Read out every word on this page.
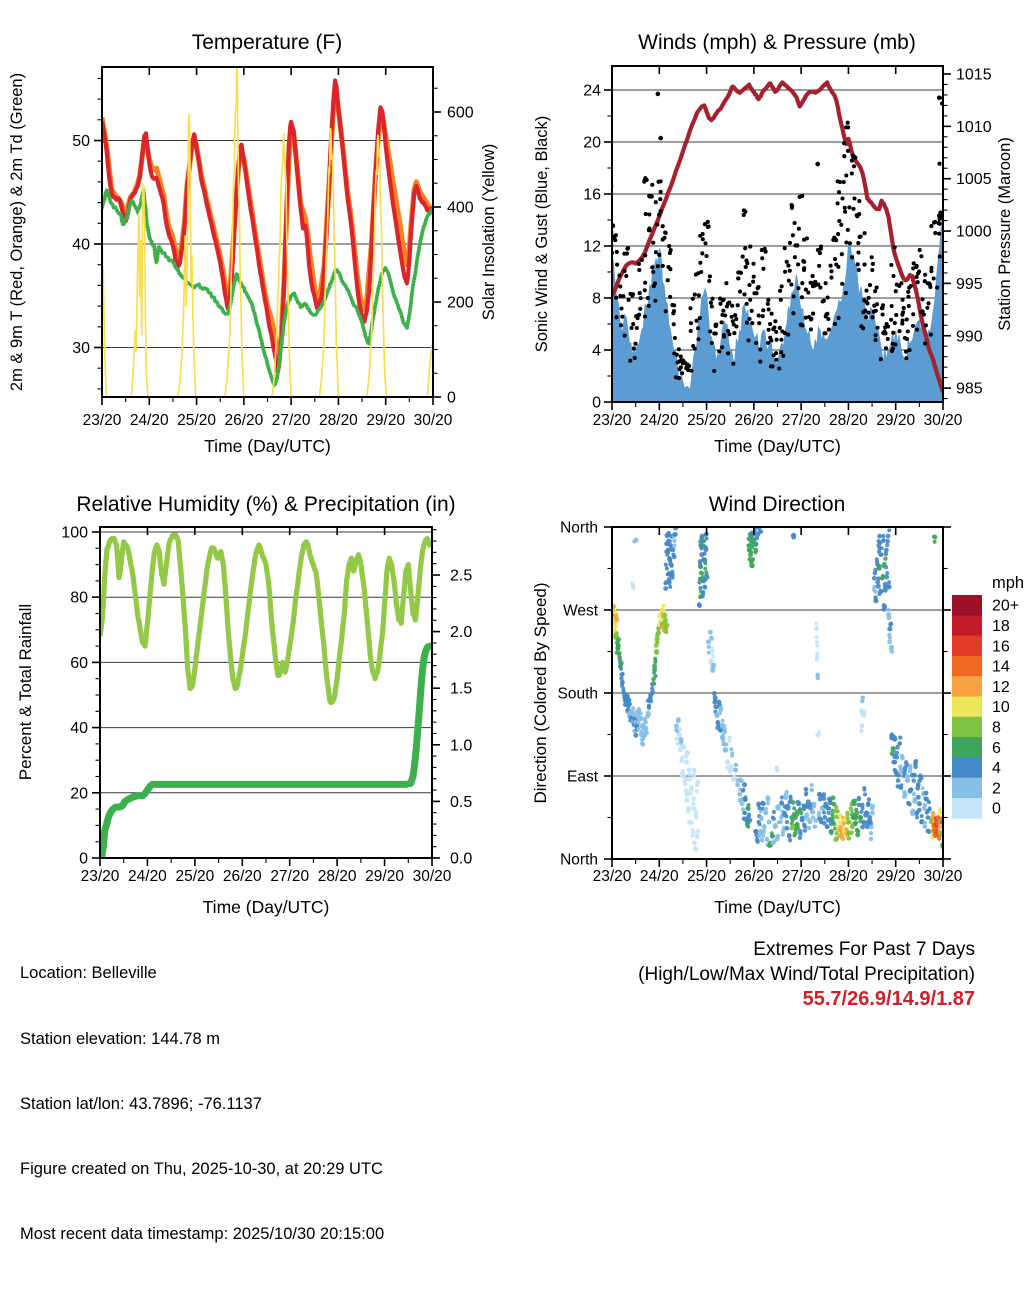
30
40
50
0
200
400
600
Temperature (F)
23/20 24/20 25/20 26/20 27/20 28/20 29/20 30/20
Time (Day/UTC)
2m & 9m T (Red, Orange) & 2m Td (Green)	Solar Insolation (Yellow)
0
4
8
12
16
20
24
985
990
995
1000
1005
1010
1015
Winds (mph) & Pressure (mb)
23/20 24/20 25/20 26/20 27/20 28/20 29/20 30/20
Time (Day/UTC)
Sonic Wind & Gust (Blue, Black)	Station Pressure (Maroon)
0
20
40
60
80
100
0.0
0.5
1.0
1.5
2.0
2.5
Relative Humidity (%) & Precipitation (in)
23/20 24/20 25/20 26/20 27/20 28/20 29/20 30/20
Time (Day/UTC)
Percent & Total Rainfall
North
West
South
East
North
Wind Direction
23/20 24/20 25/20 26/20 27/20 28/20 29/20 30/20
Time (Day/UTC)
Direction (Colored By Speed)	20+
18
16
14
12
10
8
6
4
2
0
mph

Location: Belleville

Station elevation: 144.78 m

Station lat/lon: 43.7896; -76.1137

Figure created on Thu, 2025-10-30, at 20:29 UTC

Most recent data timestamp: 2025/10/30 20:15:00

Extremes For Past 7 Days
(High/Low/Max Wind/Total Precipitation)
55.7/26.9/14.9/1.87
